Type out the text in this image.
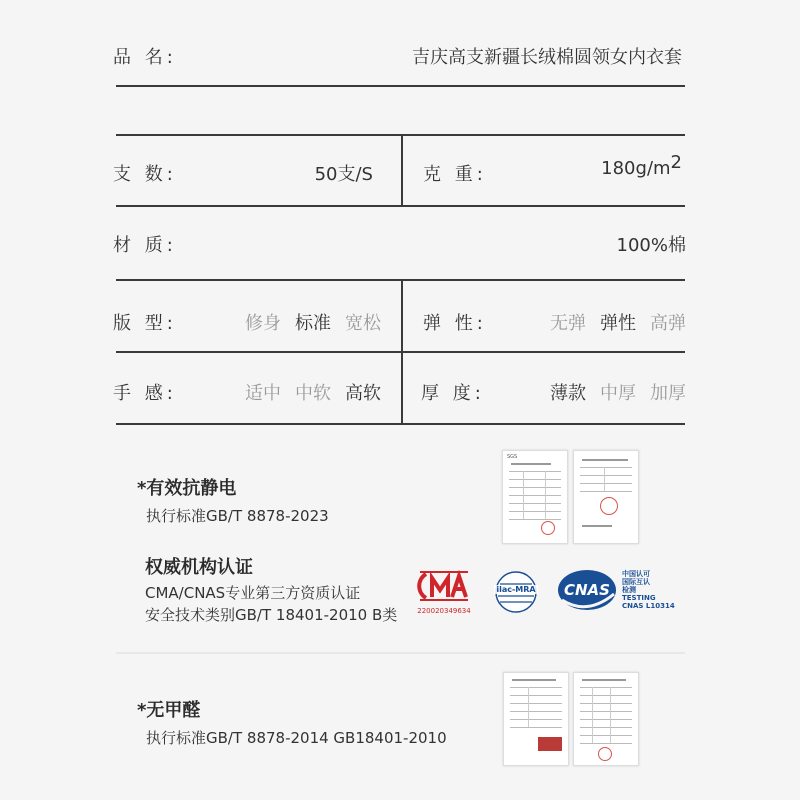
品 名:	吉庆高支新疆长绒棉圆领女内衣套
支 数:	50支/S	克 重:	$180g/m^2$
材 质:	100%棉
版 型:	修身 标准 宽松 弹 性:	无弹 弹性 高弹
手 感:	适中 中软 高软 厚 度:	薄款 中厚 加厚
*有效抗静电
执行标准GB/T 8878-2023
权威机构认证
CMA/CNAS专业第三方资质认证
安全技术类别GB/T 18401-2010 B类
SGS
220020349634
ilac-MRA	CNAS
中国认可
国际互认
检测
TESTING
CNAS L10314
*无甲醛
执行标准GB/T 8878-2014 GB18401-2010
